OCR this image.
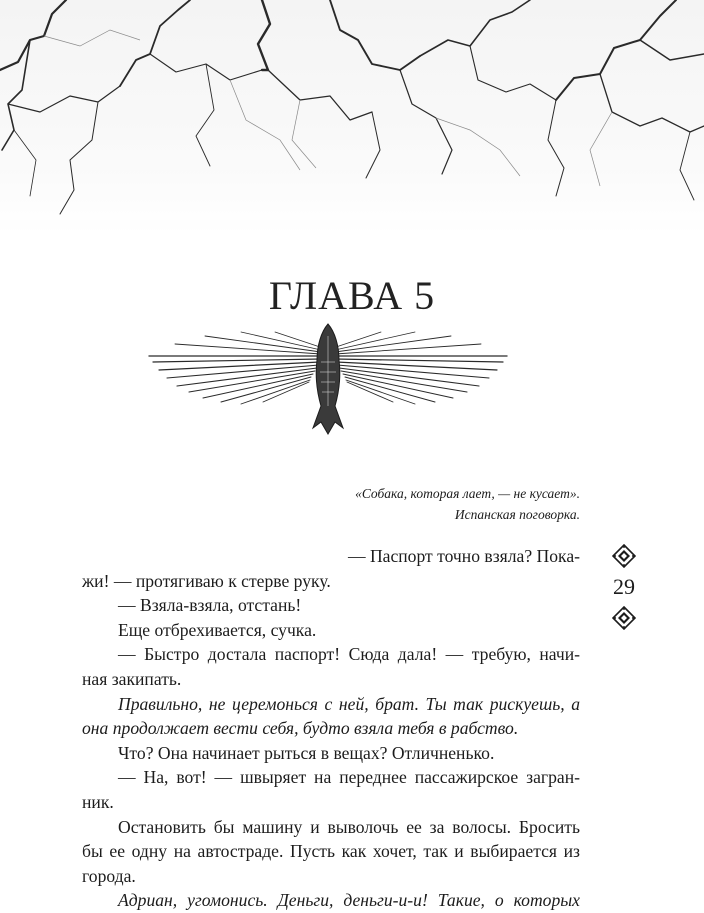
ГЛАВА 5
«Собака, которая лает, — не кусает».
Испанская поговорка.
— Паспорт точно взяла? Пока-
жи! — протягиваю к стерве руку.
— Взяла-взяла, отстань!
Еще отбрехивается, сучка.
— Быстро достала паспорт! Сюда дала! — требую, начи-
ная закипать.
Правильно, не церемонься с ней, брат. Ты так рискуешь, а
она продолжает вести себя, будто взяла тебя в рабство.
Что? Она начинает рыться в вещах? Отличненько.
— На, вот! — швыряет на переднее пассажирское загран-
ник.
Остановить бы машину и выволочь ее за волосы. Бросить
бы ее одну на автостраде. Пусть как хочет, так и выбирается из
города.
Адриан, угомонись. Деньги, деньги-и-и! Такие, о которых
29
